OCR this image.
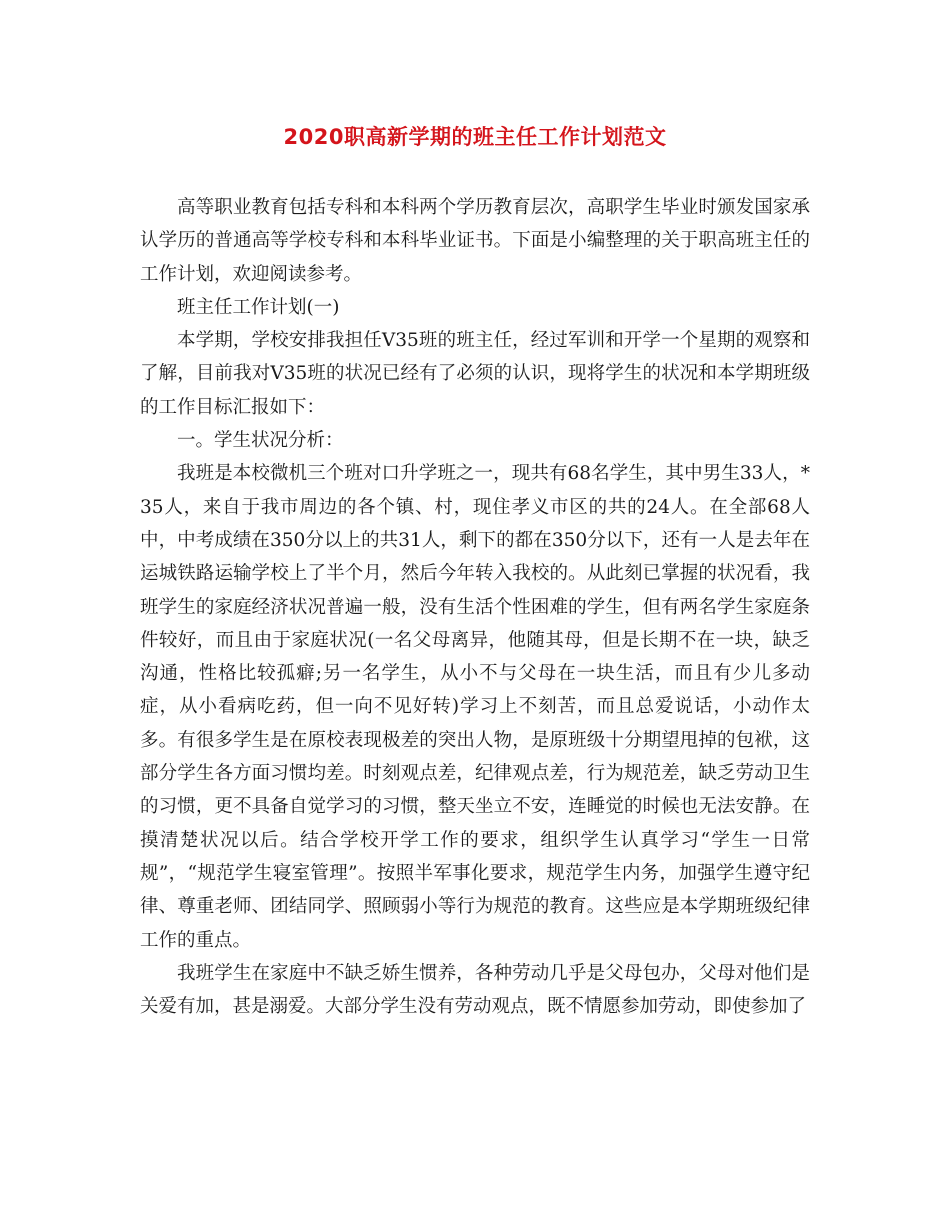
2020职高新学期的班主任工作计划范文

高等职业教育包括专科和本科两个学历教育层次，高职学生毕业时颁发国家承认学历的普通高等学校专科和本科毕业证书。下面是小编整理的关于职高班主任的工作计划，欢迎阅读参考。

班主任工作计划(一)

本学期，学校安排我担任V35班的班主任，经过军训和开学一个星期的观察和了解，目前我对V35班的状况已经有了必须的认识，现将学生的状况和本学期班级的工作目标汇报如下：

一。学生状况分析：

我班是本校微机三个班对口升学班之一，现共有68名学生，其中男生33人，*35人，来自于我市周边的各个镇、村，现住孝义市区的共的24人。在全部68人中，中考成绩在350分以上的共31人，剩下的都在350分以下，还有一人是去年在运城铁路运输学校上了半个月，然后今年转入我校的。从此刻已掌握的状况看，我班学生的家庭经济状况普遍一般，没有生活个性困难的学生，但有两名学生家庭条件较好，而且由于家庭状况(一名父母离异，他随其母，但是长期不在一块，缺乏沟通，性格比较孤癖;另一名学生，从小不与父母在一块生活，而且有少儿多动症，从小看病吃药，但一向不见好转)学习上不刻苦，而且总爱说话，小动作太多。有很多学生是在原校表现极差的突出人物，是原班级十分期望甩掉的包袱，这部分学生各方面习惯均差。时刻观点差，纪律观点差，行为规范差，缺乏劳动卫生的习惯，更不具备自觉学习的习惯，整天坐立不安，连睡觉的时候也无法安静。在摸清楚状况以后。结合学校开学工作的要求，组织学生认真学习“学生一日常规”，“规范学生寝室管理”。按照半军事化要求，规范学生内务，加强学生遵守纪律、尊重老师、团结同学、照顾弱小等行为规范的教育。这些应是本学期班级纪律工作的重点。

我班学生在家庭中不缺乏娇生惯养，各种劳动几乎是父母包办，父母对他们是关爱有加，甚是溺爱。大部分学生没有劳动观点，既不情愿参加劳动，即使参加了
